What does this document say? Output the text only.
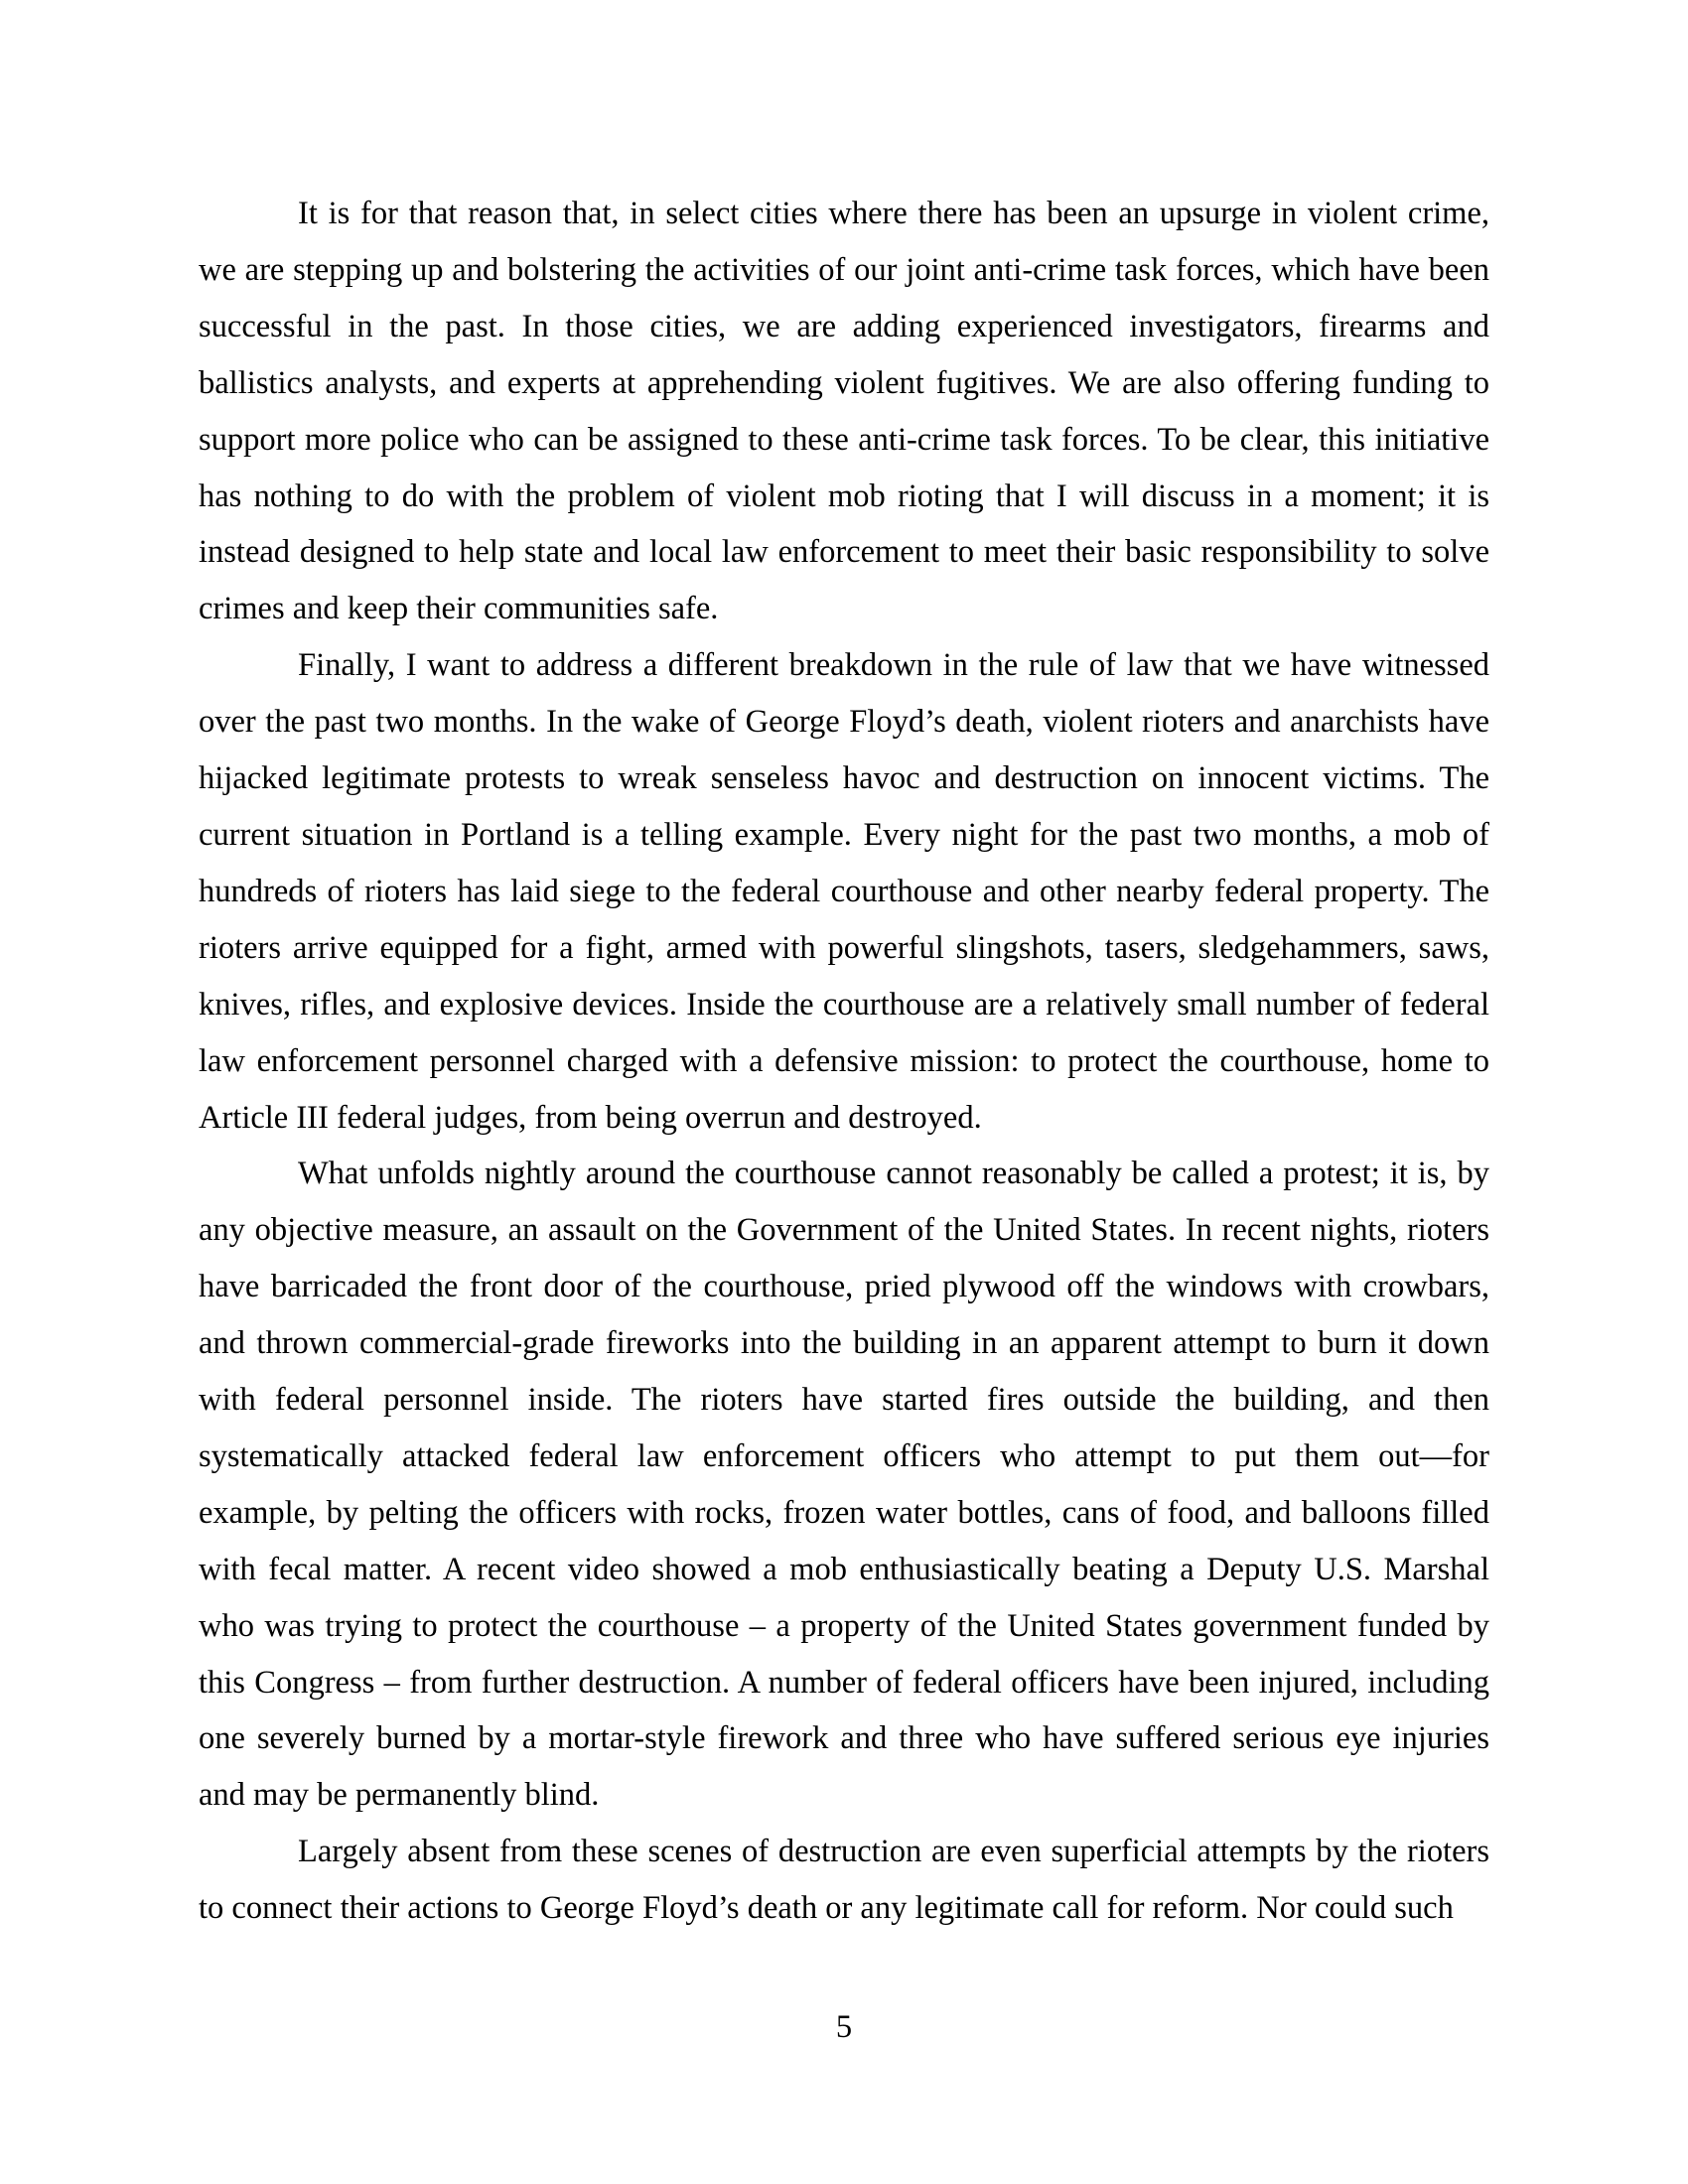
It is for that reason that, in select cities where there has been an upsurge in violent crime,
we are stepping up and bolstering the activities of our joint anti-crime task forces, which have been
successful in the past. In those cities, we are adding experienced investigators, firearms and
ballistics analysts, and experts at apprehending violent fugitives. We are also offering funding to
support more police who can be assigned to these anti-crime task forces. To be clear, this initiative
has nothing to do with the problem of violent mob rioting that I will discuss in a moment; it is
instead designed to help state and local law enforcement to meet their basic responsibility to solve
crimes and keep their communities safe.
Finally, I want to address a different breakdown in the rule of law that we have witnessed
over the past two months. In the wake of George Floyd’s death, violent rioters and anarchists have
hijacked legitimate protests to wreak senseless havoc and destruction on innocent victims. The
current situation in Portland is a telling example. Every night for the past two months, a mob of
hundreds of rioters has laid siege to the federal courthouse and other nearby federal property. The
rioters arrive equipped for a fight, armed with powerful slingshots, tasers, sledgehammers, saws,
knives, rifles, and explosive devices. Inside the courthouse are a relatively small number of federal
law enforcement personnel charged with a defensive mission: to protect the courthouse, home to
Article III federal judges, from being overrun and destroyed.
What unfolds nightly around the courthouse cannot reasonably be called a protest; it is, by
any objective measure, an assault on the Government of the United States. In recent nights, rioters
have barricaded the front door of the courthouse, pried plywood off the windows with crowbars,
and thrown commercial-grade fireworks into the building in an apparent attempt to burn it down
with federal personnel inside. The rioters have started fires outside the building, and then
systematically attacked federal law enforcement officers who attempt to put them out—for
example, by pelting the officers with rocks, frozen water bottles, cans of food, and balloons filled
with fecal matter. A recent video showed a mob enthusiastically beating a Deputy U.S. Marshal
who was trying to protect the courthouse – a property of the United States government funded by
this Congress – from further destruction. A number of federal officers have been injured, including
one severely burned by a mortar-style firework and three who have suffered serious eye injuries
and may be permanently blind.
Largely absent from these scenes of destruction are even superficial attempts by the rioters
to connect their actions to George Floyd’s death or any legitimate call for reform. Nor could such
5
